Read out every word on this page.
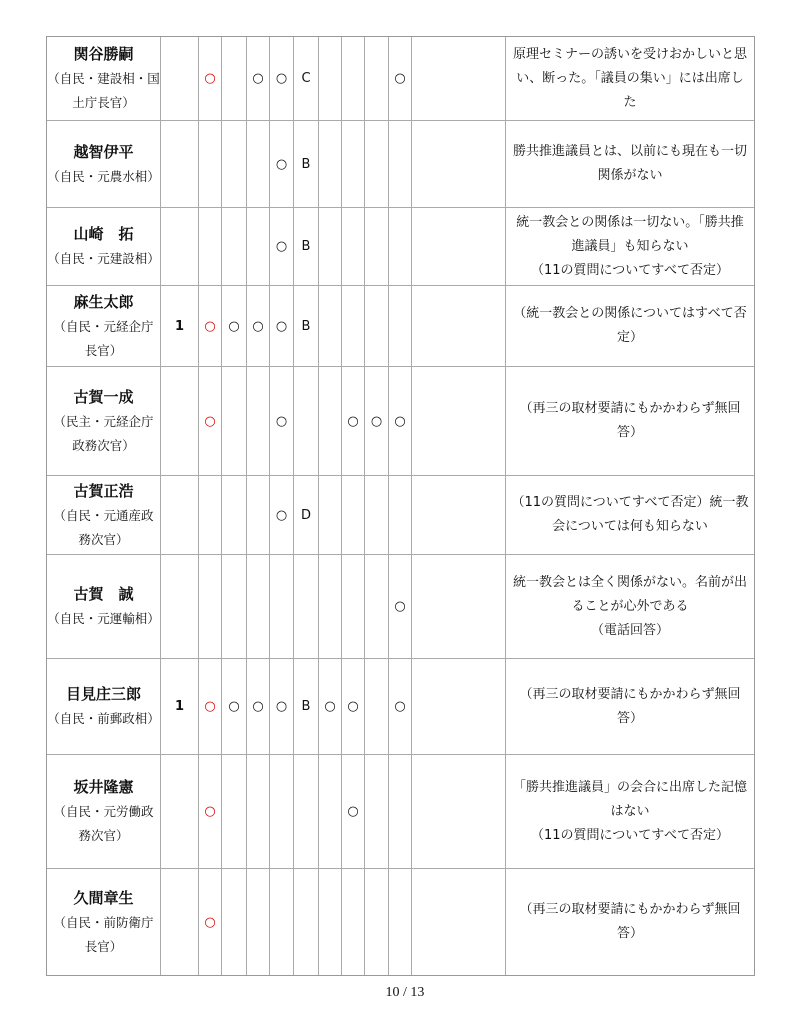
関谷勝嗣
（自民・建設相・国
土庁長官）		○		○	○	C				○		原理セミナーの誘いを受けおかしいと思い、断った。「議員の集い」には出席した

越智伊平
（自民・元農水相）					○	B						勝共推進議員とは、以前にも現在も一切関係がない

山崎　拓
（自民・元建設相）					○	B						統一教会との関係は一切ない。「勝共推進議員」も知らない
（11の質問についてすべて否定）

麻生太郎
（自民・元経企庁
長官）	1	○	○	○	○	B						（統一教会との関係についてはすべて否定）

古賀一成
（民主・元経企庁
政務次官）		○			○			○	○	○		（再三の取材要請にもかかわらず無回答）

古賀正浩
（自民・元通産政
務次官）					○	D						（11の質問についてすべて否定）統一教会については何も知らない

古賀　誠
（自民・元運輸相）										○		統一教会とは全く関係がない。名前が出ることが心外である
（電話回答）

目見庄三郎
（自民・前郵政相）	1	○	○	○	○	B	○	○		○		（再三の取材要請にもかかわらず無回答）

坂井隆憲
（自民・元労働政
務次官）		○						○				「勝共推進議員」の会合に出席した記憶はない
（11の質問についてすべて否定）

久間章生
（自民・前防衛庁
長官）		○										（再三の取材要請にもかかわらず無回答）
10 / 13
